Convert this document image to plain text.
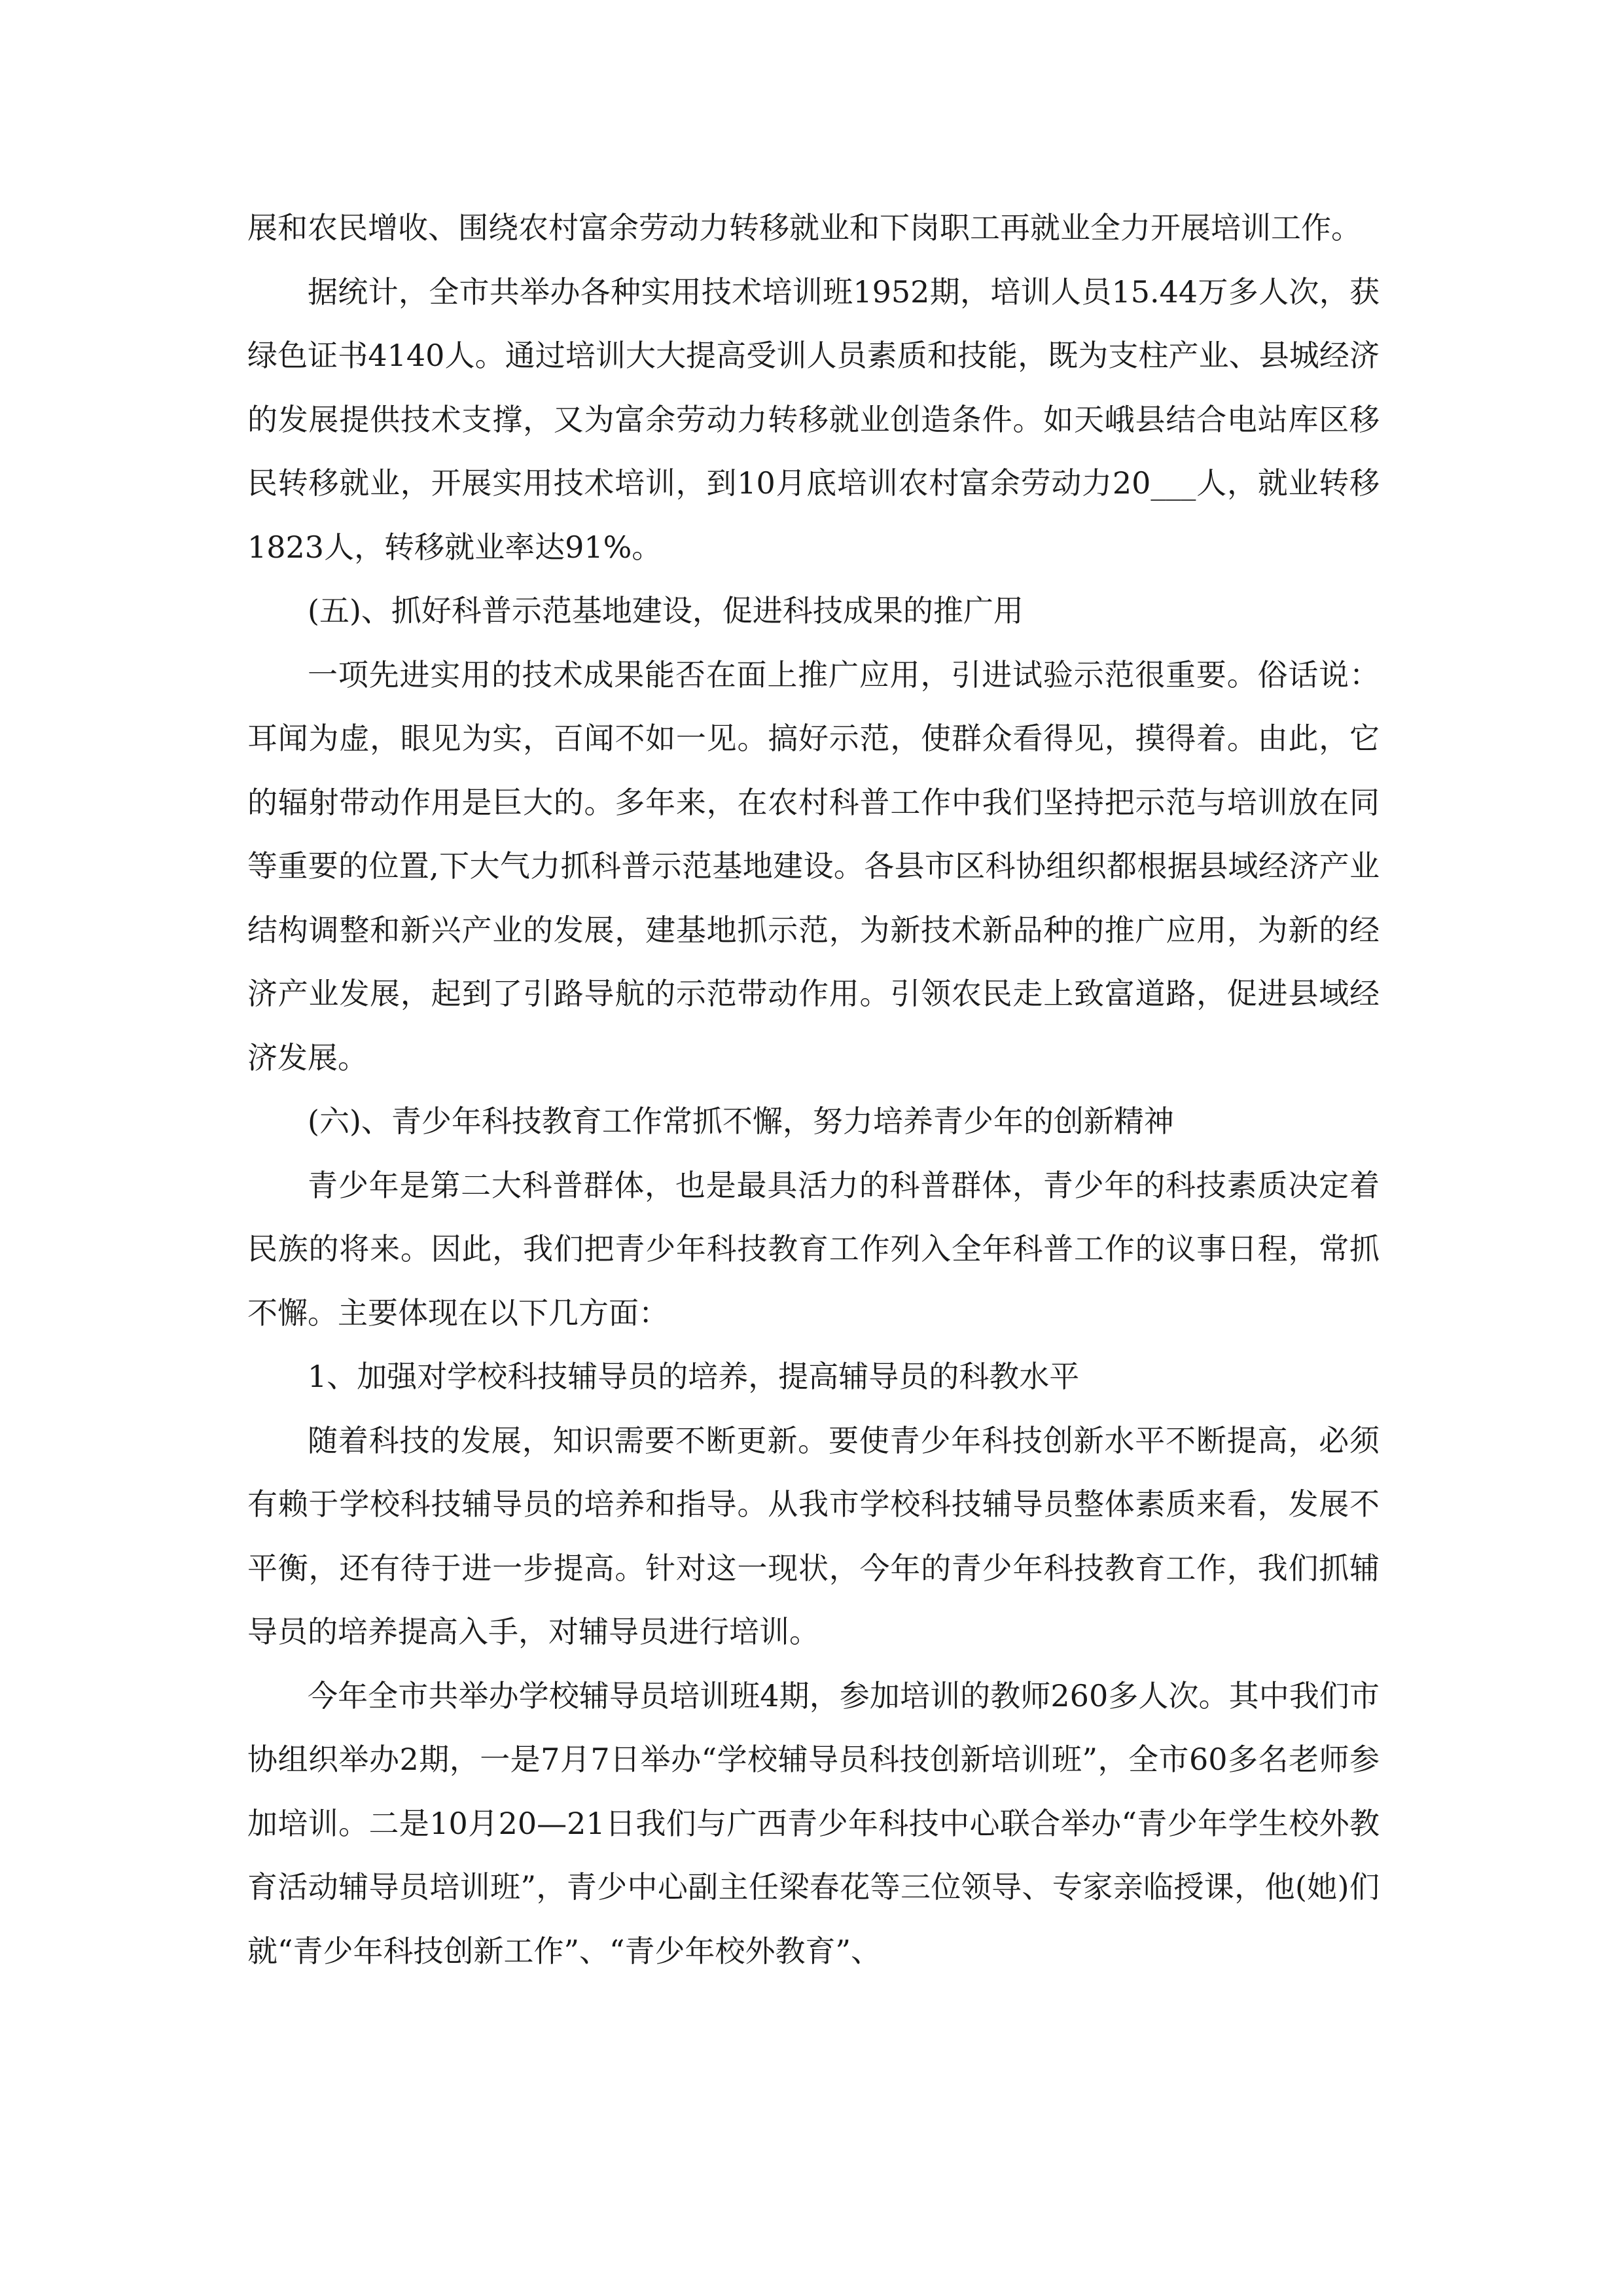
展和农民增收、围绕农村富余劳动力转移就业和下岗职工再就业全力开展培训工作。

据统计，全市共举办各种实用技术培训班1952期，培训人员15.44万多人次，获绿色证书4140人。通过培训大大提高受训人员素质和技能，既为支柱产业、县城经济的发展提供技术支撑，又为富余劳动力转移就业创造条件。如天峨县结合电站库区移民转移就业，开展实用技术培训，到10月底培训农村富余劳动力20___人，就业转移1823人，转移就业率达91%。

(五)、抓好科普示范基地建设，促进科技成果的推广用

一项先进实用的技术成果能否在面上推广应用，引进试验示范很重要。俗话说：耳闻为虚，眼见为实，百闻不如一见。搞好示范，使群众看得见，摸得着。由此，它的辐射带动作用是巨大的。多年来，在农村科普工作中我们坚持把示范与培训放在同等重要的位置,下大气力抓科普示范基地建设。各县市区科协组织都根据县域经济产业结构调整和新兴产业的发展，建基地抓示范，为新技术新品种的推广应用，为新的经济产业发展，起到了引路导航的示范带动作用。引领农民走上致富道路，促进县域经济发展。

(六)、青少年科技教育工作常抓不懈，努力培养青少年的创新精神

青少年是第二大科普群体，也是最具活力的科普群体，青少年的科技素质决定着民族的将来。因此，我们把青少年科技教育工作列入全年科普工作的议事日程，常抓不懈。主要体现在以下几方面：

1、加强对学校科技辅导员的培养，提高辅导员的科教水平

随着科技的发展，知识需要不断更新。要使青少年科技创新水平不断提高，必须有赖于学校科技辅导员的培养和指导。从我市学校科技辅导员整体素质来看，发展不平衡，还有待于进一步提高。针对这一现状，今年的青少年科技教育工作，我们抓辅导员的培养提高入手，对辅导员进行培训。

今年全市共举办学校辅导员培训班4期，参加培训的教师260多人次。其中我们市协组织举办2期，一是7月7日举办“学校辅导员科技创新培训班”，全市60多名老师参加培训。二是10月20—21日我们与广西青少年科技中心联合举办“青少年学生校外教育活动辅导员培训班”，青少中心副主任梁春花等三位领导、专家亲临授课，他(她)们就“青少年科技创新工作”、“青少年校外教育”、
